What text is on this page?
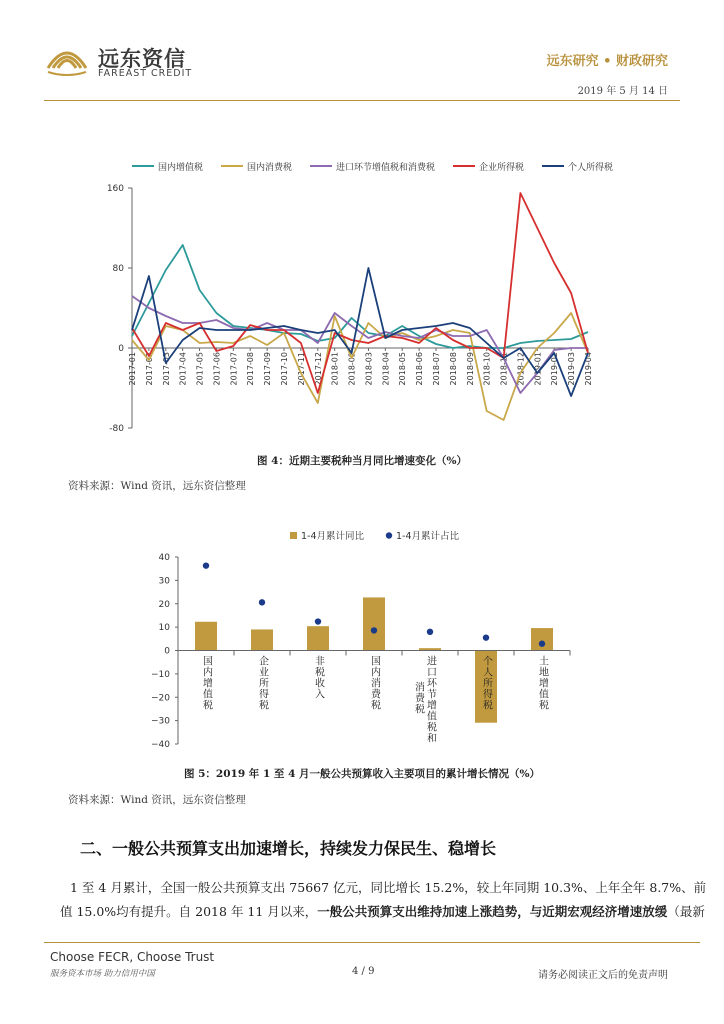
远东资信
FAREAST CREDIT
远东研究 • 财政研究
2019 年 5 月 14 日
国内增值税	国内消费税	进口环节增值税和消费税	企业所得税	个人所得税
160
80
0
-80
2017-01 2017-02 2017-03 2017-04 2017-05 2017-06 2017-07 2017-08 2017-09 2017-10 2017-11 2017-12 2018-01 2018-02 2018-03 2018-04 2018-05 2018-06 2018-07 2018-08 2018-09 2018-10 2018-11 2018-12 2019-01 2019-02 2019-03 2019-04
图 4：近期主要税种当月同比增速变化（%）
资料来源：Wind 资讯，远东资信整理
1-4月累计同比	1-4月累计占比
40
30
20
10
0
−10
−20
−30
−40
国
内
增
值
税
企
业
所
得
税
非
税
收
入
国
内
消
费
税
进
口
环
节
增
值
税
和
消
费
税
个
人
所
得
税
土
地
增
值
税
图 5：2019 年 1 至 4 月一般公共预算收入主要项目的累计增长情况（%）
资料来源：Wind 资讯，远东资信整理
二、一般公共预算支出加速增长，持续发力保民生、稳增长
1 至 4 月累计，全国一般公共预算支出 75667 亿元，同比增长 15.2%，较上年同期 10.3%、上年全年 8.7%、前
值 15.0%均有提升。自 2018 年 11 月以来，一般公共预算支出维持加速上涨趋势，与近期宏观经济增速放缓（最新
Choose FECR, Choose Trust
服务资本市场 助力信用中国	4 / 9	请务必阅读正文后的免责声明
